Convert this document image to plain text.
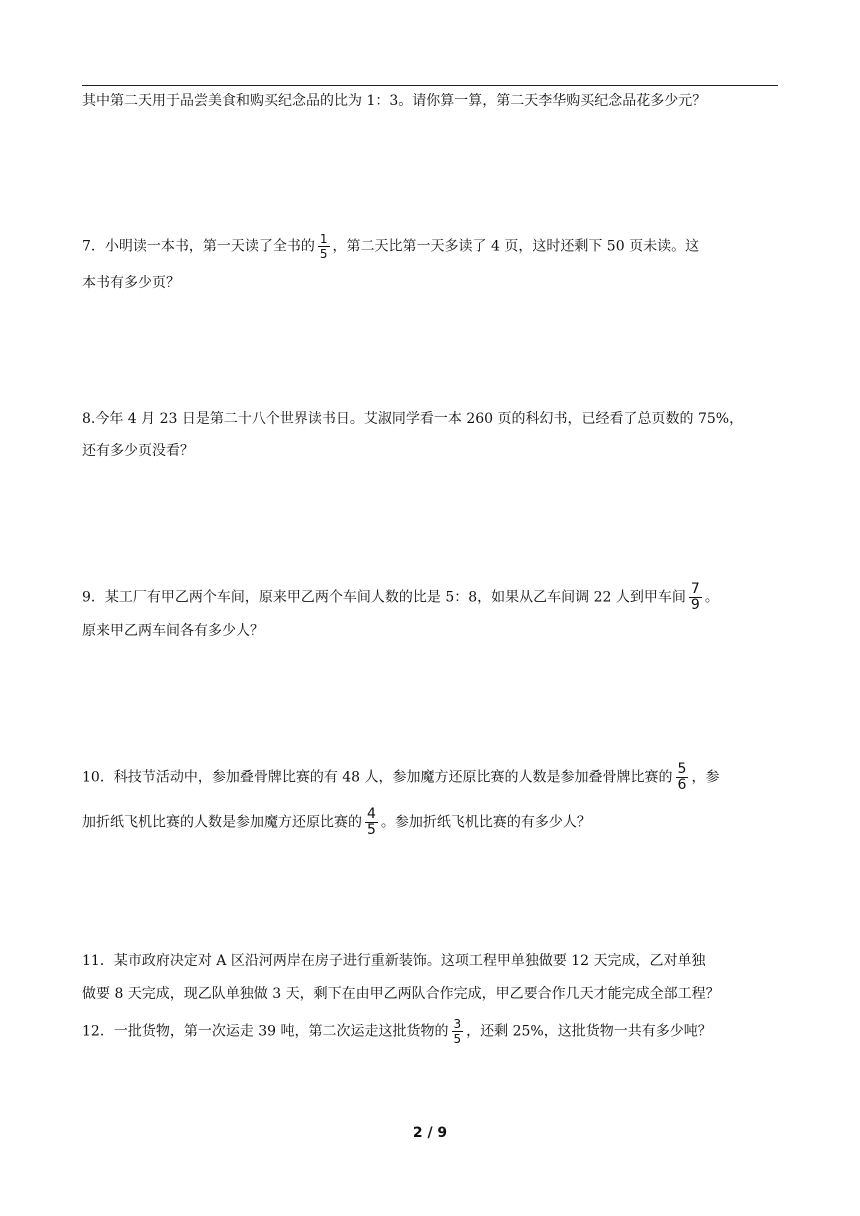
其中第二天用于品尝美食和购买纪念品的比为 1：3。请你算一算，第二天李华购买纪念品花多少元？
7．小明读一本书，第一天读了全书的 $\frac{1}{5}$ ，第二天比第一天多读了 4 页，这时还剩下 50 页未读。这
本书有多少页？
8.今年 4 月 23 日是第二十八个世界读书日。艾淑同学看一本 260 页的科幻书，已经看了总页数的 75%，
还有多少页没看？
9．某工厂有甲乙两个车间，原来甲乙两个车间人数的比是 5：8，如果从乙车间调 22 人到甲车间 $\frac{7}{9}$ 。
原来甲乙两车间各有多少人？
10．科技节活动中，参加叠骨牌比赛的有 48 人，参加魔方还原比赛的人数是参加叠骨牌比赛的 $\frac{5}{6}$ ，参
加折纸飞机比赛的人数是参加魔方还原比赛的 $\frac{4}{5}$ 。参加折纸飞机比赛的有多少人？
11．某市政府决定对 A 区沿河两岸在房子进行重新装饰。这项工程甲单独做要 12 天完成，乙对单独
做要 8 天完成，现乙队单独做 3 天，剩下在由甲乙两队合作完成，甲乙要合作几天才能完成全部工程？
12．一批货物，第一次运走 39 吨，第二次运走这批货物的 $\frac{3}{5}$ ，还剩 25%，这批货物一共有多少吨？
2 / 9
